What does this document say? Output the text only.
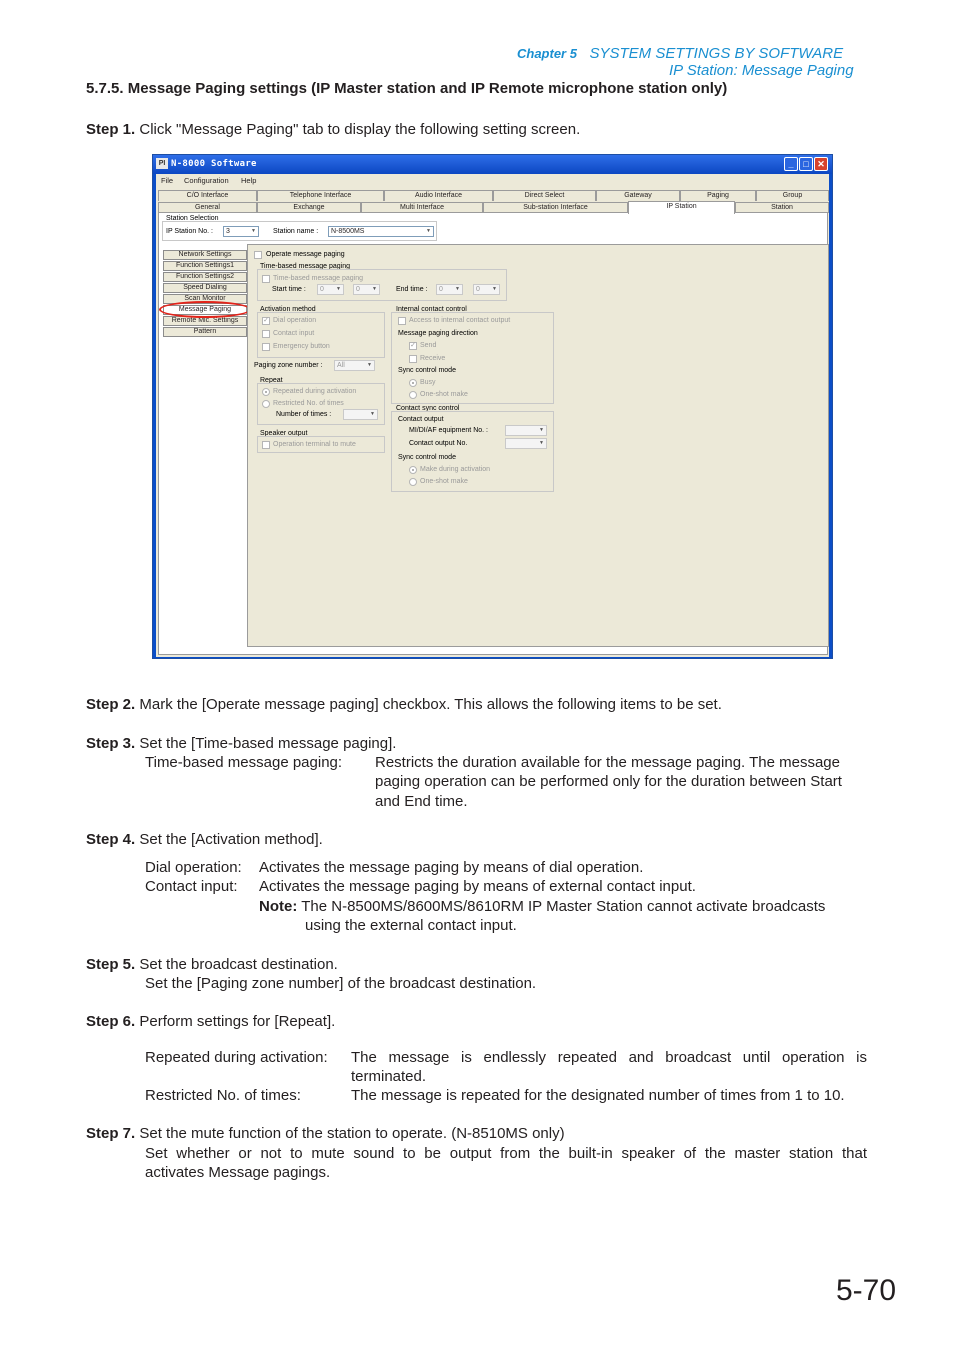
Chapter 5 SYSTEM SETTINGS BY SOFTWARE
IP Station: Message Paging
5.7.5. Message Paging settings (IP Master station and IP Remote microphone station only)
Step 1. Click "Message Paging" tab to display the following setting screen.
PI N-8000 Software	_	□ ✕
File Configuration Help
C/O Interface	Telephone Interface	Audio Interface	Direct Select	Gateway	Paging	Group
General	Exchange	Multi Interface	Sub-station Interface	IP Station	Station
Station Selection
IP Station No. :	3	▼ Station name :	N-8500MS	▼
Network Settings
Function Settings1
Function Settings2
Speed Dialing
Scan Monitor
Message Paging
Remote Mic. Settings
Pattern
Operate message paging
Time-based message paging
Time-based message paging
Start time :	0	▼	0	▼	End time :	0	▼	0	▼
Activation method
✓ Dial operation
Contact input
Emergency button
Paging zone number :	All	▼
Repeat
Repeated during activation
Restricted No. of times
Number of times :	▼
Speaker output
Operation terminal to mute
Internal contact control
Access to internal contact output
Message paging direction
✓ Send
Receive
Sync control mode
Busy
One-shot make
Contact sync control
Contact output
MI/DI/AF equipment No. :	▼
Contact output No.	▼
Sync control mode
Make during activation
One-shot make
Step 2. Mark the [Operate message paging] checkbox. This allows the following items to be set.
Step 3. Set the [Time-based message paging].
Time-based message paging: Restricts the duration available for the message paging. The message
paging operation can be performed only for the duration between Start
and End time.
Step 4. Set the [Activation method].
Dial operation: Activates the message paging by means of dial operation.
Contact input: Activates the message paging by means of external contact input.
Note: The N-8500MS/8600MS/8610RM IP Master Station cannot activate broadcasts
using the external contact input.
Step 5. Set the broadcast destination.
Set the [Paging zone number] of the broadcast destination.
Step 6. Perform settings for [Repeat].
Repeated during activation: The message is endlessly repeated and broadcast until operation is
terminated.
Restricted No. of times:	The message is repeated for the designated number of times from 1 to 10.
Step 7. Set the mute function of the station to operate. (N-8510MS only)
Set whether or not to mute sound to be output from the built-in speaker of the master station that
activates Message pagings.
5-70
